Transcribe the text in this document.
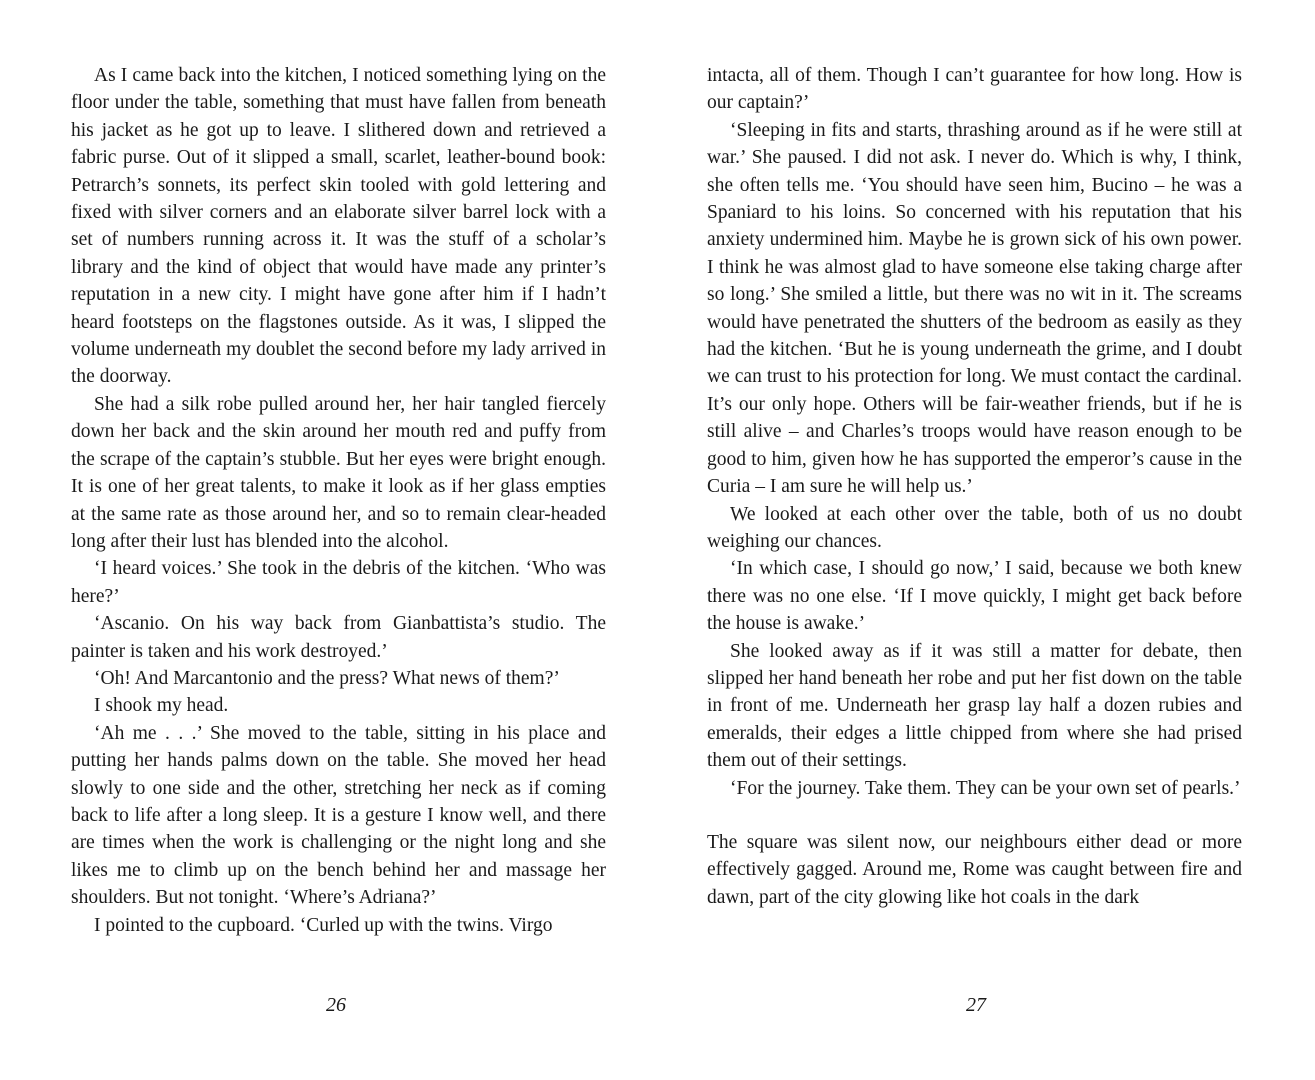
As I came back into the kitchen, I noticed something lying on the floor under the table, something that must have fallen from beneath his jacket as he got up to leave. I slithered down and retrieved a fabric purse. Out of it slipped a small, scarlet, leather-bound book: Petrarch’s sonnets, its perfect skin tooled with gold lettering and fixed with silver corners and an elaborate silver barrel lock with a set of numbers running across it. It was the stuff of a scholar’s library and the kind of object that would have made any printer’s reputation in a new city. I might have gone after him if I hadn’t heard footsteps on the flagstones outside. As it was, I slipped the volume underneath my doublet the second before my lady arrived in the doorway.

She had a silk robe pulled around her, her hair tangled fiercely down her back and the skin around her mouth red and puffy from the scrape of the captain’s stubble. But her eyes were bright enough. It is one of her great talents, to make it look as if her glass empties at the same rate as those around her, and so to remain clear-headed long after their lust has blended into the alcohol.

‘I heard voices.’ She took in the debris of the kitchen. ‘Who was here?’

‘Ascanio. On his way back from Gianbattista’s studio. The painter is taken and his work destroyed.’

‘Oh! And Marcantonio and the press? What news of them?’

I shook my head.

‘Ah me . . .’ She moved to the table, sitting in his place and putting her hands palms down on the table. She moved her head slowly to one side and the other, stretching her neck as if coming back to life after a long sleep. It is a gesture I know well, and there are times when the work is challenging or the night long and she likes me to climb up on the bench behind her and massage her shoulders. But not tonight. ‘Where’s Adriana?’

I pointed to the cupboard. ‘Curled up with the twins. Virgo

26

intacta, all of them. Though I can’t guarantee for how long. How is our captain?’

‘Sleeping in fits and starts, thrashing around as if he were still at war.’ She paused. I did not ask. I never do. Which is why, I think, she often tells me. ‘You should have seen him, Bucino – he was a Spaniard to his loins. So concerned with his reputation that his anxiety undermined him. Maybe he is grown sick of his own power. I think he was almost glad to have someone else taking charge after so long.’ She smiled a little, but there was no wit in it. The screams would have penetrated the shutters of the bedroom as easily as they had the kitchen. ‘But he is young underneath the grime, and I doubt we can trust to his protection for long. We must contact the cardinal. It’s our only hope. Others will be fair-weather friends, but if he is still alive – and Charles’s troops would have reason enough to be good to him, given how he has supported the emperor’s cause in the Curia – I am sure he will help us.’

We looked at each other over the table, both of us no doubt weighing our chances.

‘In which case, I should go now,’ I said, because we both knew there was no one else. ‘If I move quickly, I might get back before the house is awake.’

She looked away as if it was still a matter for debate, then slipped her hand beneath her robe and put her fist down on the table in front of me. Underneath her grasp lay half a dozen rubies and emeralds, their edges a little chipped from where she had prised them out of their settings.

‘For the journey. Take them. They can be your own set of pearls.’

The square was silent now, our neighbours either dead or more effectively gagged. Around me, Rome was caught between fire and dawn, part of the city glowing like hot coals in the dark

27
